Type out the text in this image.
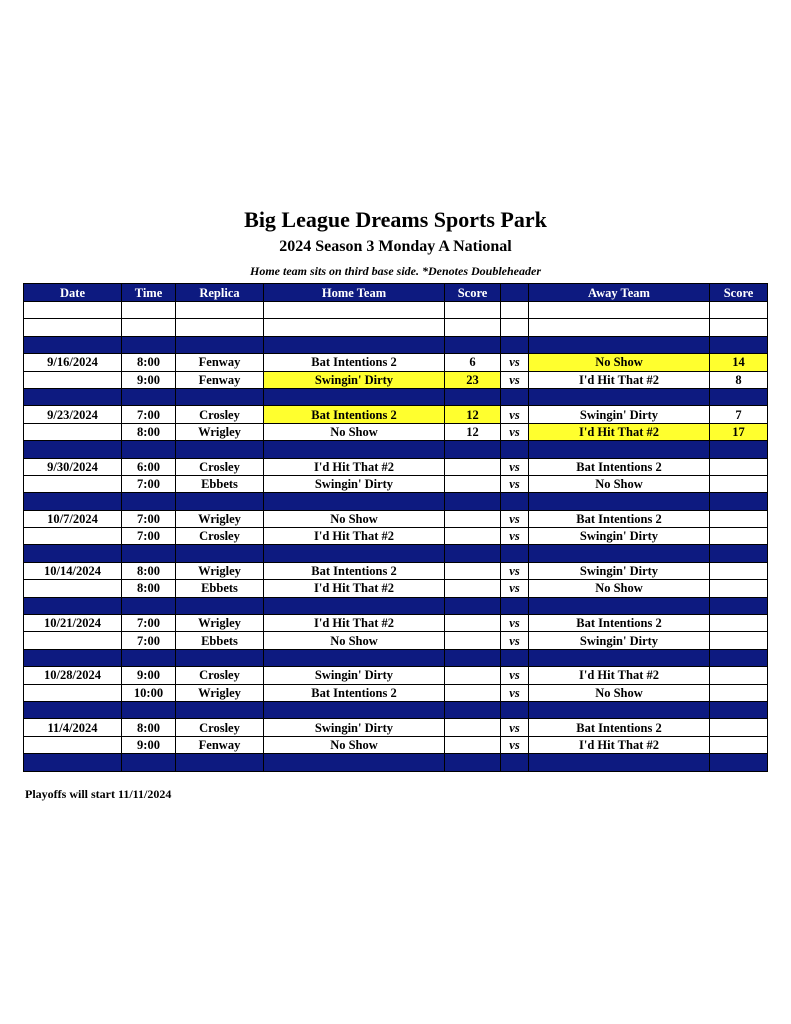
Big League Dreams Sports Park
2024 Season 3 Monday A National
Home team sits on third base side. *Denotes Doubleheader
Date	Time	Replica	Home Team	Score		Away Team	Score

9/16/2024	8:00	Fenway	Bat Intentions 2	6	vs	No Show	14
	9:00	Fenway	Swingin' Dirty	23	vs	I'd Hit That #2	8

9/23/2024	7:00	Crosley	Bat Intentions 2	12	vs	Swingin' Dirty	7
	8:00	Wrigley	No Show	12	vs	I'd Hit That #2	17

9/30/2024	6:00	Crosley	I'd Hit That #2		vs	Bat Intentions 2	
	7:00	Ebbets	Swingin' Dirty		vs	No Show	

10/7/2024	7:00	Wrigley	No Show		vs	Bat Intentions 2	
	7:00	Crosley	I'd Hit That #2		vs	Swingin' Dirty	

10/14/2024	8:00	Wrigley	Bat Intentions 2		vs	Swingin' Dirty	
	8:00	Ebbets	I'd Hit That #2		vs	No Show	

10/21/2024	7:00	Wrigley	I'd Hit That #2		vs	Bat Intentions 2	
	7:00	Ebbets	No Show		vs	Swingin' Dirty	

10/28/2024	9:00	Crosley	Swingin' Dirty		vs	I'd Hit That #2	
	10:00	Wrigley	Bat Intentions 2		vs	No Show	

11/4/2024	8:00	Crosley	Swingin' Dirty		vs	Bat Intentions 2	
	9:00	Fenway	No Show		vs	I'd Hit That #2	

Playoffs will start 11/11/2024
